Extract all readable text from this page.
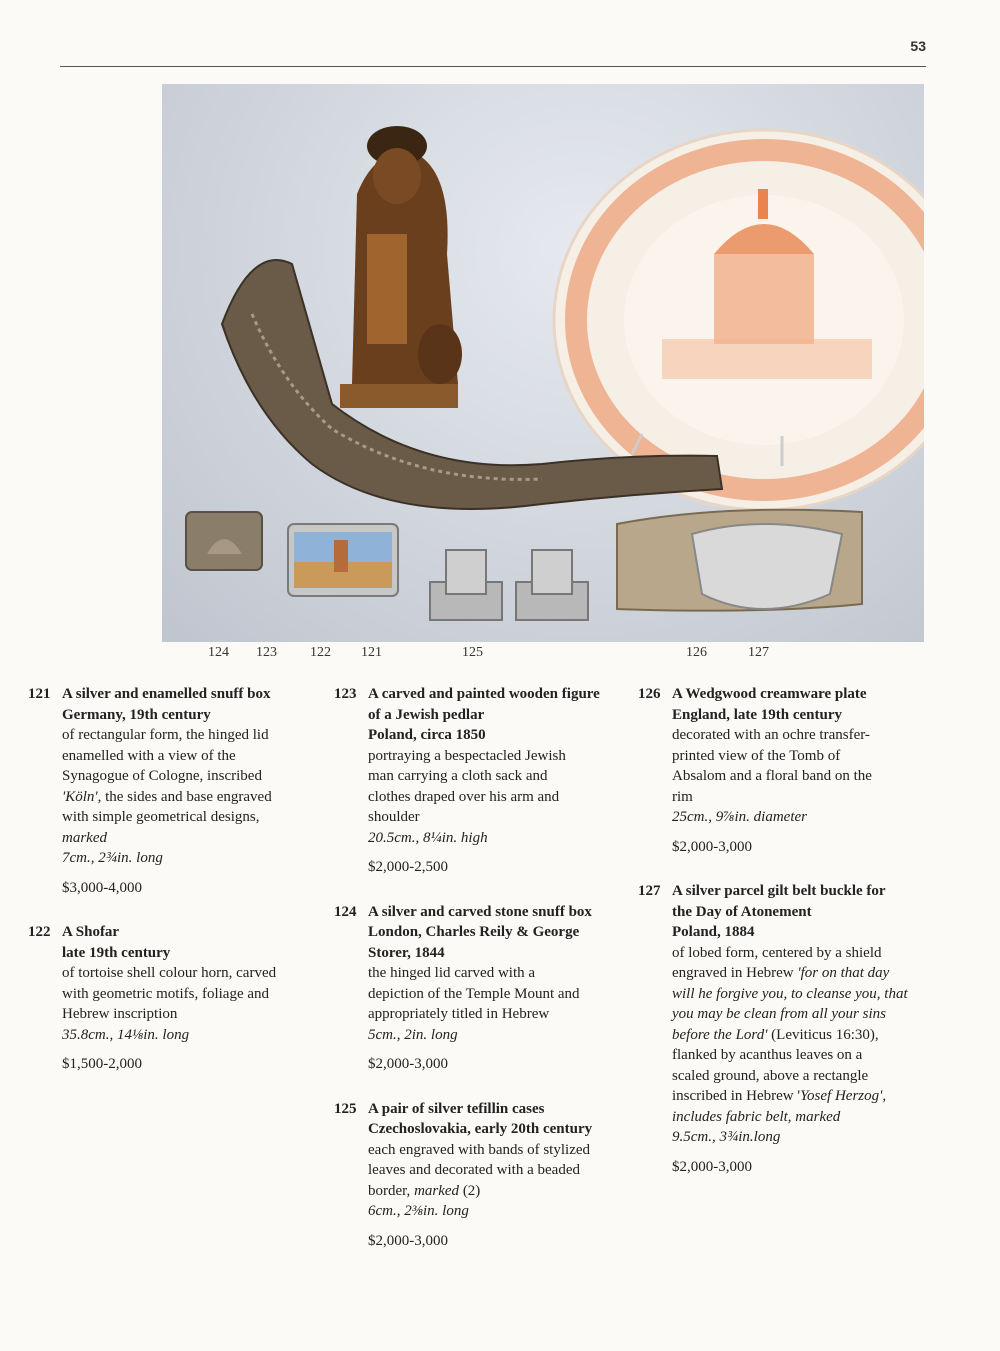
53
124 123 122 121	125	126	127
121 A silver and enamelled snuff box
Germany, 19th century
of rectangular form, the hinged lid
enamelled with a view of the
Synagogue of Cologne, inscribed
'Köln', the sides and base engraved
with simple geometrical designs,
marked
7cm., 2¾in. long
$3,000-4,000
122 A Shofar
late 19th century
of tortoise shell colour horn, carved
with geometric motifs, foliage and
Hebrew inscription
35.8cm., 14⅛in. long
$1,500-2,000
123 A carved and painted wooden figure
of a Jewish pedlar
Poland, circa 1850
portraying a bespectacled Jewish
man carrying a cloth sack and
clothes draped over his arm and
shoulder
20.5cm., 8¼in. high
$2,000-2,500
124 A silver and carved stone snuff box
London, Charles Reily & George
Storer, 1844
the hinged lid carved with a
depiction of the Temple Mount and
appropriately titled in Hebrew
5cm., 2in. long
$2,000-3,000
125 A pair of silver tefillin cases
Czechoslovakia, early 20th century
each engraved with bands of stylized
leaves and decorated with a beaded
border, marked (2)
6cm., 2⅜in. long
$2,000-3,000
126 A Wedgwood creamware plate
England, late 19th century
decorated with an ochre transfer-
printed view of the Tomb of
Absalom and a floral band on the
rim
25cm., 9⅞in. diameter
$2,000-3,000
127 A silver parcel gilt belt buckle for
the Day of Atonement
Poland, 1884
of lobed form, centered by a shield
engraved in Hebrew 'for on that day
will he forgive you, to cleanse you, that
you may be clean from all your sins
before the Lord' (Leviticus 16:30),
flanked by acanthus leaves on a
scaled ground, above a rectangle
inscribed in Hebrew 'Yosef Herzog',
includes fabric belt, marked
9.5cm., 3¾in.long
$2,000-3,000
